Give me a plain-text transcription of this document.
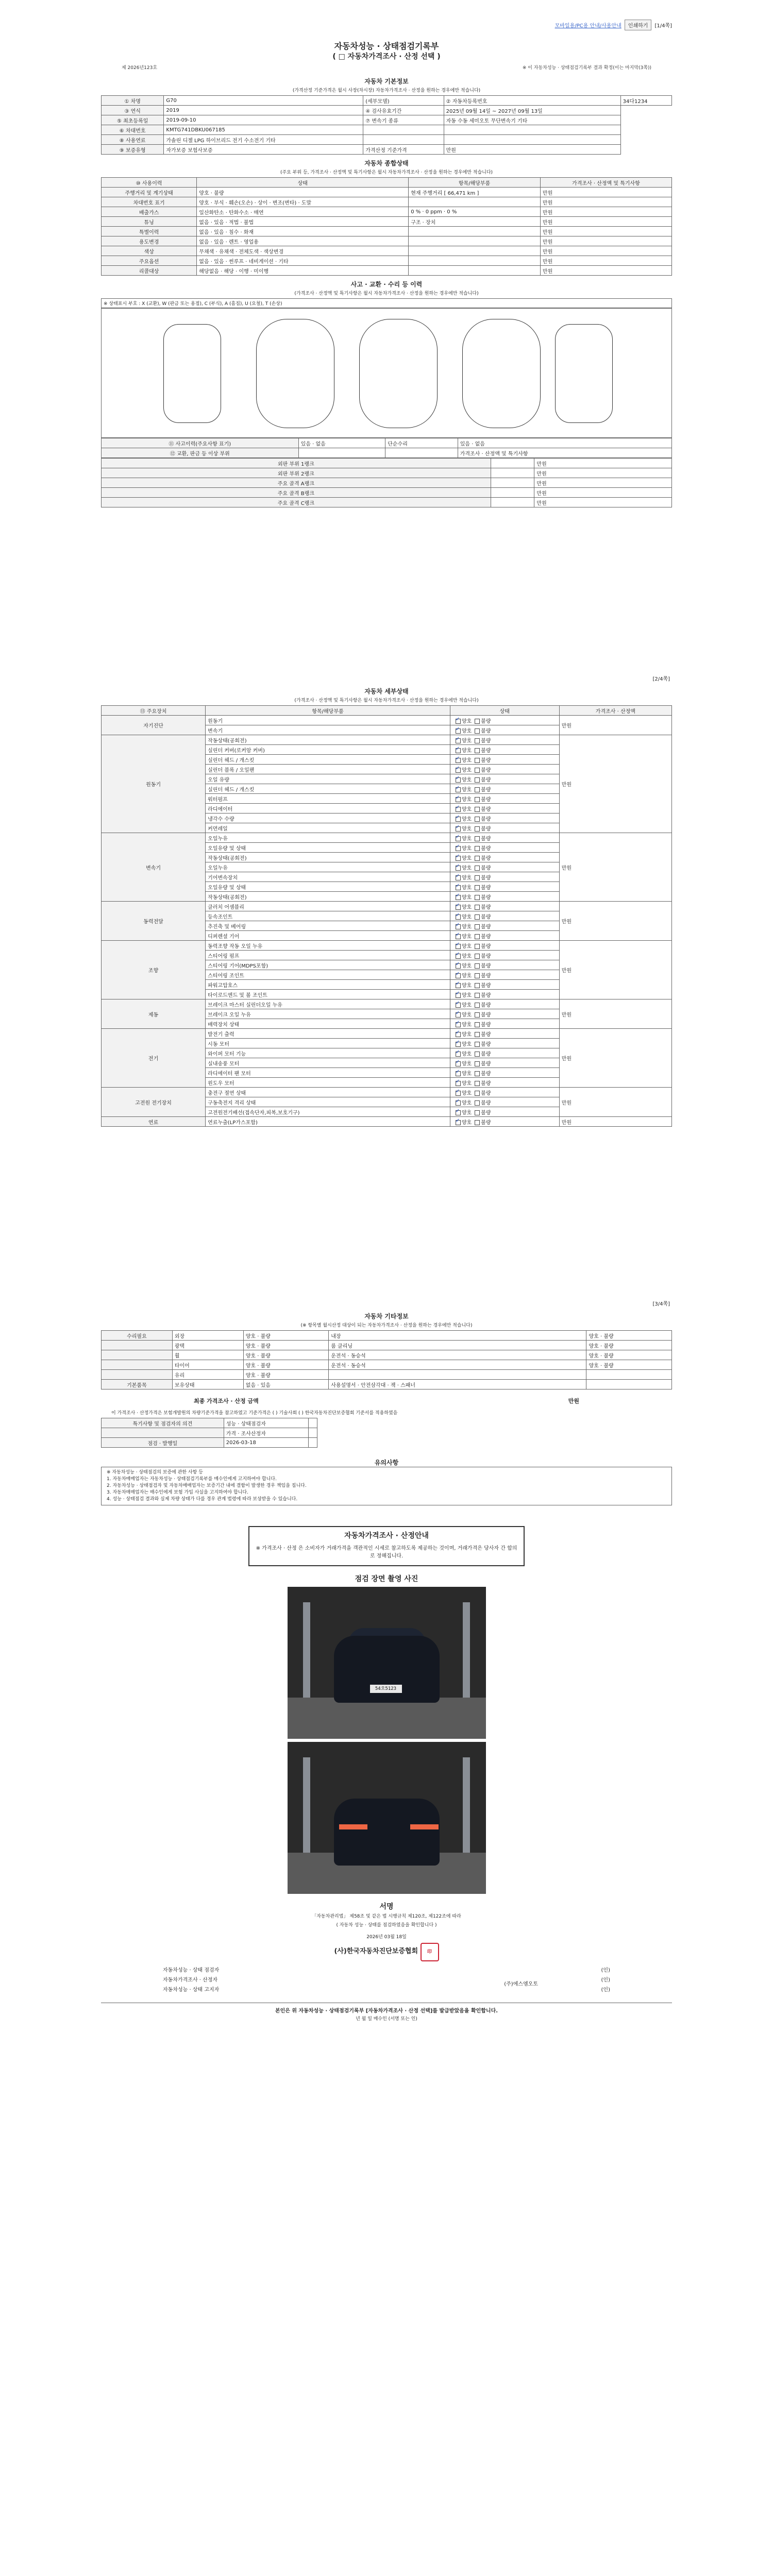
모바일용/PC용 안내/사용안내	인쇄하기	[1/4쪽]
자동차성능 · 상태점검기록부
( □ 자동차가격조사 · 산정 선택 )
제 2026년123호	※ 이 자동차성능 · 상태점검기록부 결과 확정(이는 마지막(3쪽))
자동차 기본정보
(가격산정 기준가격은 월시 사장(차시장) 자동차가격조사 · 산정을 원하는 경우에만 적습니다)
① 차명	G70	(세부모델)	② 자동차등록번호	34다1234
③ 연식	2019	④ 검사유효기간	2025년 09월 14일 ~ 2027년 09월 13일	
⑤ 최초등록일	2019-09-10	⑦ 변속기 종류	자동 수동 세미오토 무단변속기 기타	
⑥ 차대번호	KMTG741DBKU067185			
⑧ 사용연료	가솔린 디젤 LPG 하이브리드 전기 수소전기 기타			
⑨ 보증유형	자가보증 보험사보증	가격산정 기준가격	만원	
자동차 종합상태
(주요 부위 등, 가격조사 · 산정액 및 특기사항은 월시 자동차가격조사 · 산정을 원하는 경우에만 적습니다)
⑩ 사용이력	상태	항목/해당부품	가격조사 · 산정액 및 특기사항
주행거리 및 계기상태	양호 · 불량	현재 주행거리 [ 66,471 km ]	만원
차대번호 표기	양호 · 부식 · 훼손(오손) · 상이 · 변조(변타) · 도말		만원
배출가스	일산화탄소 · 탄화수소 · 매연	0 % · 0 ppm · 0 %	만원
튜닝	없음 · 있음 · 적법 · 불법	구조 · 장치	만원
특별이력	없음 · 있음 · 침수 · 화재		만원
용도변경	없음 · 있음 · 렌트 · 영업용		만원
색상	무채색 · 유채색 · 전체도색 · 색상변경		만원
주요옵션	없음 · 있음 · 썬루프 · 네비게이션 · 기타		만원
리콜대상	해당없음 · 해당 · 이행 · 미이행		만원
사고 · 교환 · 수리 등 이력
(가격조사 · 산정액 및 특기사항은 월시 자동차가격조사 · 산정을 원하는 경우에만 적습니다)
※ 상태표시 부호 : X (교환), W (판금 또는 용접), C (부식), A (흠집), U (요철), T (손상)
⑪ 사고이력(주요사항 표기)	있음 · 없음	단순수리	있음 · 없음
⑫ 교환, 판금 등 이상 부위			가격조사 · 산정액 및 특기사항
외판 부위 1랭크		만원
외판 부위 2랭크		만원
주요 골격 A랭크		만원
주요 골격 B랭크		만원
주요 골격 C랭크		만원
[2/4쪽]
자동차 세부상태
(가격조사 · 산정액 및 특기사항은 월시 자동차가격조사 · 산정을 원하는 경우에만 적습니다)
⑬ 주요장치	항목/해당부품	상태	가격조사 · 산정액
자기진단	원동기	✓양호 불량	만원
	변속기	✓양호 불량
원동기	작동상태(공회전)	✓양호 불량	만원
	실린더 커버(로커암 커버)	✓양호 불량
	실린더 헤드 / 개스킷	✓양호 불량
	실린더 블록 / 오일팬	✓양호 불량
	오일 유량	✓양호 불량
	실린더 헤드 / 개스킷	✓양호 불량
	워터펌프	✓양호 불량
	라디에이터	✓양호 불량
	냉각수 수량	✓양호 불량
	커먼레일	✓양호 불량
변속기	오일누유	✓양호 불량	만원
	오일유량 및 상태	✓양호 불량
	작동상태(공회전)	✓양호 불량
	오일누유	✓양호 불량
	기어변속장치	✓양호 불량
	오일유량 및 상태	✓양호 불량
	작동상태(공회전)	✓양호 불량
동력전달	클러치 어셈블리	✓양호 불량	만원
	등속조인트	✓양호 불량
	추진축 및 베어링	✓양호 불량
	디퍼렌셜 기어	✓양호 불량
조향	동력조향 작동 오일 누유	✓양호 불량	만원
	스티어링 펌프	✓양호 불량
	스티어링 기어(MDPS포함)	✓양호 불량
	스티어링 조인트	✓양호 불량
	파워고압호스	✓양호 불량
	타이로드엔드 및 볼 조인트	✓양호 불량
제동	브레이크 마스터 실린더오일 누유	✓양호 불량	만원
	브레이크 오일 누유	✓양호 불량
	배력장치 상태	✓양호 불량
전기	발전기 출력	✓양호 불량	만원
	시동 모터	✓양호 불량
	와이퍼 모터 기능	✓양호 불량
	실내송풍 모터	✓양호 불량
	라디에이터 팬 모터	✓양호 불량
	윈도우 모터	✓양호 불량
고전원 전기장치	충전구 절연 상태	✓양호 불량	만원
	구동축전지 격리 상태	✓양호 불량
	고전원전기배선(접속단자,피복,보호기구)	✓양호 불량
연료	연료누출(LP가스포함)	✓양호 불량	만원
[3/4쪽]
자동차 기타정보
(※ 항목별 월시산정 대상이 되는 자동차가격조사 · 산정을 원하는 경우에만 적습니다)
수리필요	외장	양호 · 불량	내장	양호 · 불량
	광택	양호 · 불량	룸 클리닝	양호 · 불량
	휠	양호 · 불량	운전석 · 동승석	양호 · 불량
	타이어	양호 · 불량	운전석 · 동승석	양호 · 불량
	유리	양호 · 불량		
기본품목	보유상태	없음 · 있음	사용설명서 · 안전삼각대 · 잭 · 스패너	
최종 가격조사 · 산정 금액	만원
이 가격조사 · 산정가격은 보험개발원의 차량기준가격을 참고하였고 기준가격은 ( ) 기술사회 ( ) 한국자동차진단보증협회 기준서를 적용하였음
특기사항 및 점검자의 의견	성능 · 상태점검자	
	가격 · 조사산정자	
점검 · 발행일	2026-03-18	
유의사항
※ 자동차성능 · 상태점검의 보증에 관한 사항 등
1. 자동차매매업자는 자동차성능 · 상태점검기록부를 매수인에게 고지하여야 합니다.
2. 자동차성능 · 상태점검자 및 자동차매매업자는 보증기간 내에 결함이 발생한 경우 책임을 집니다.
3. 자동차매매업자는 매수인에게 보험 가입 사실을 고지하여야 합니다.
4. 성능 · 상태점검 결과와 실제 차량 상태가 다를 경우 관계 법령에 따라 보상받을 수 있습니다.
자동차가격조사 · 산정안내
※ 가격조사 · 산정 은 소비자가 거래가격을 객관적인 시세로 참고하도록 제공하는 것이며, 거래가격은 당사자 간 합의로 정해집니다.
점검 장면 촬영 사진
54오5123
서명
「자동차관리법」 제58조 및 같은 법 시행규칙 제120조, 제122조에 따라
( 자동차 성능 · 상태를 점검하였음을 확인합니다 )
2026년 03월 18일
(사)한국자동차진단보증협회 印
자동차성능 · 상태 점검자	(인)
자동차가격조사 · 산정자	(인)
자동차성능 · 상태 고지자	(인)
(주)에스엠오토
본인은 위 자동차성능 · 상태점검기록부 [자동차가격조사 · 산정 선택]를 발급받았음을 확인합니다.
년 월 일 매수인 (서명 또는 인)
